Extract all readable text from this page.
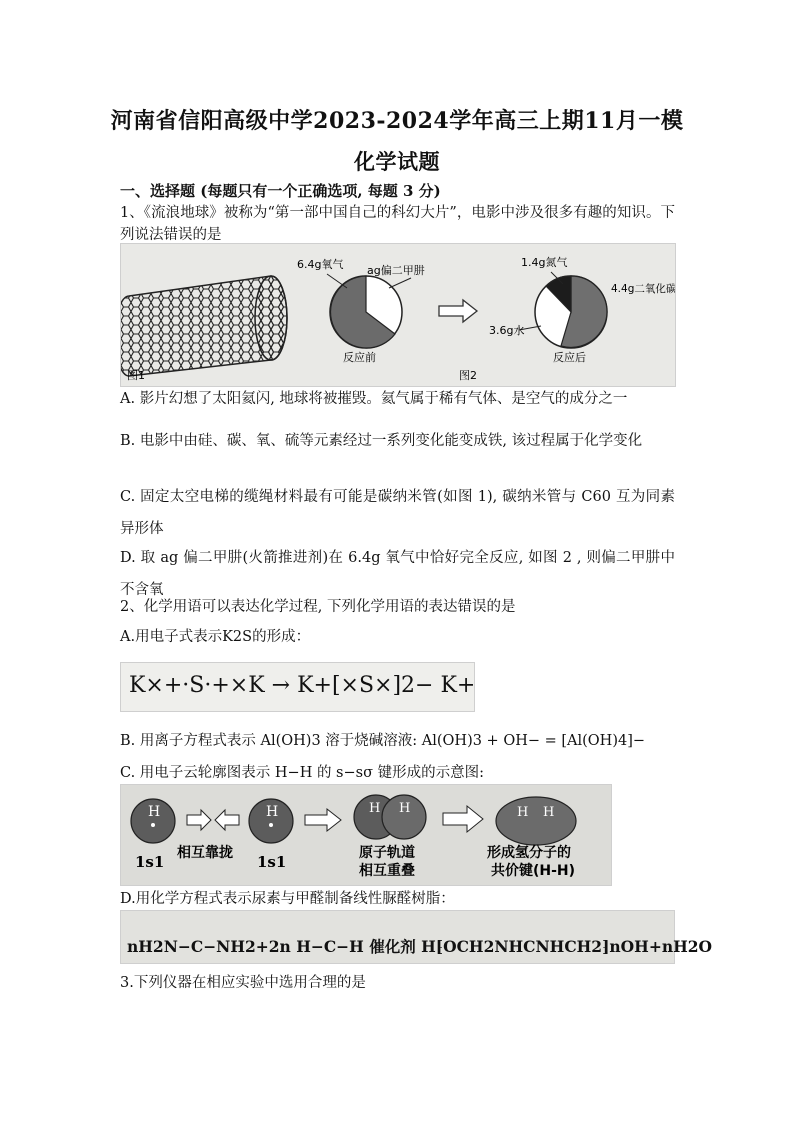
河南省信阳高级中学2023-2024学年高三上期11月一模
化学试题
一、选择题 (每题只有一个正确选项, 每题 3 分)
1、《流浪地球》被称为“第一部中国自己的科幻大片”，电影中涉及很多有趣的知识。下列说法错误的是
图1
6.4g氧气 ag偏二甲肼
反应前
图2
1.4g氮气
4.4g二氧化碳
3.6g水
反应后
A. 影片幻想了太阳氦闪, 地球将被摧毁。氦气属于稀有气体、是空气的成分之一
B. 电影中由硅、碳、氧、硫等元素经过一系列变化能变成铁, 该过程属于化学变化
C. 固定太空电梯的缆绳材料最有可能是碳纳米管(如图 1), 碳纳米管与 C60 互为同素异形体
D. 取 ag 偏二甲肼(火箭推进剂)在 6.4g 氧气中恰好完全反应, 如图 2 , 则偏二甲肼中不含氧
2、化学用语可以表达化学过程, 下列化学用语的表达错误的是
A.用电子式表示K2S的形成：
K×+·S·+×K → K+[×S×]2− K+
B. 用离子方程式表示 Al(OH)3 溶于烧碱溶液: Al(OH)3 + OH− = [Al(OH)4]−
C. 用电子云轮廓图表示 H−H 的 s−sσ 键形成的示意图:
H	H
1s1 相互靠拢 1s1
H H
原子轨道
相互重叠
H H
形成氢分子的
共价键(H-H)
D.用化学方程式表示尿素与甲醛制备线性脲醛树脂：
nH2N−C−NH2+2n H−C−H 催化剂 H⁅OCH2NHCNHCH2⁆nOH+nH2O
3.下列仪器在相应实验中选用合理的是
